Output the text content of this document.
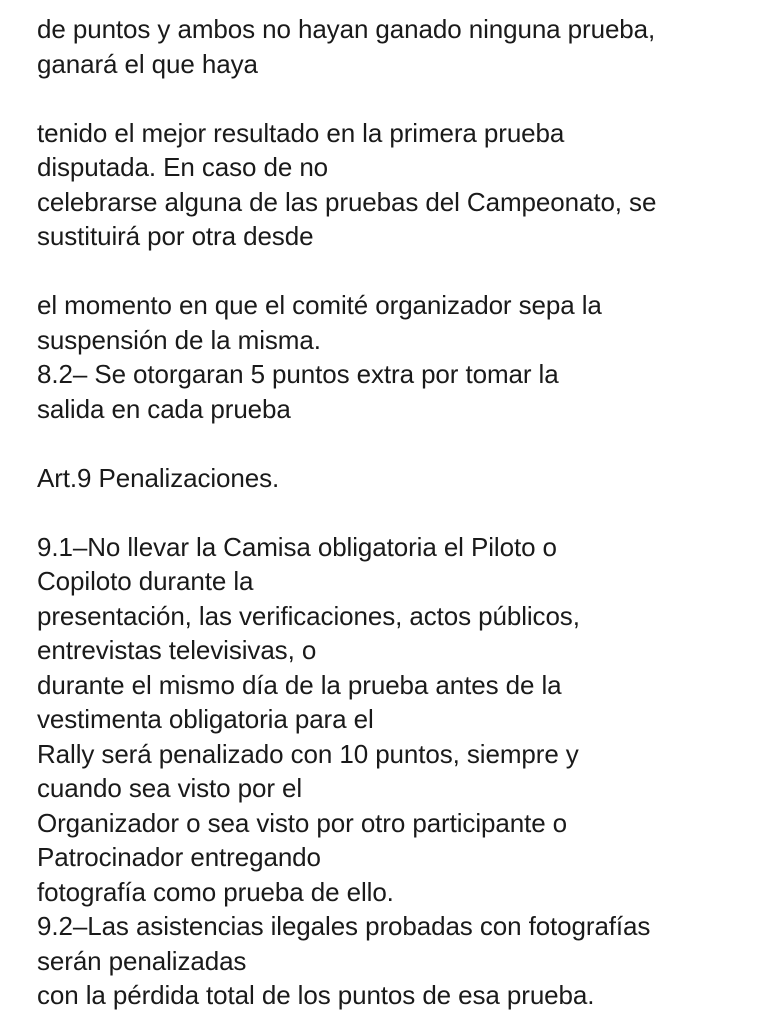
de puntos y ambos no hayan ganado ninguna prueba,
ganará el que haya
tenido el mejor resultado en la primera prueba
disputada. En caso de no
celebrarse alguna de las pruebas del Campeonato, se
sustituirá por otra desde
el momento en que el comité organizador sepa la
suspensión de la misma.
8.2– Se otorgaran 5 puntos extra por tomar la
salida en cada prueba
Art.9 Penalizaciones.
9.1–No llevar la Camisa obligatoria el Piloto o
Copiloto durante la
presentación, las verificaciones, actos públicos,
entrevistas televisivas, o
durante el mismo día de la prueba antes de la
vestimenta obligatoria para el
Rally será penalizado con 10 puntos, siempre y
cuando sea visto por el
Organizador o sea visto por otro participante o
Patrocinador entregando
fotografía como prueba de ello.
9.2–Las asistencias ilegales probadas con fotografías
serán penalizadas
con la pérdida total de los puntos de esa prueba.
